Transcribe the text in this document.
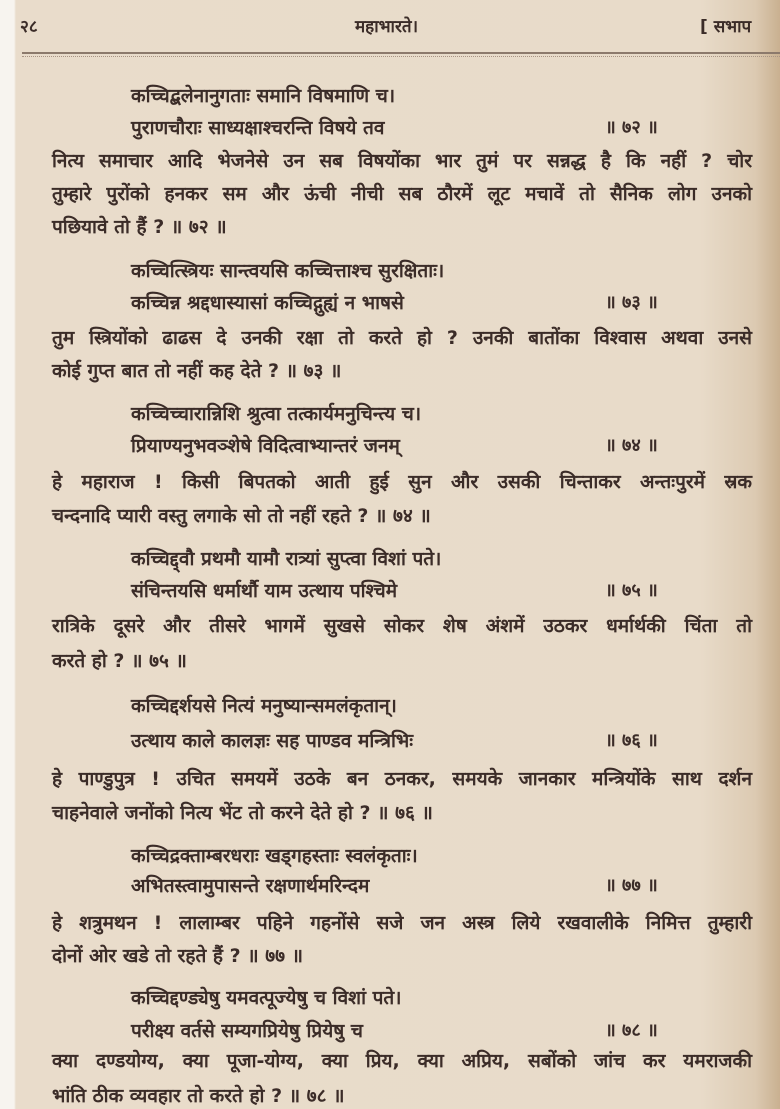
२८	महाभारते।	[ सभाप
कच्चिद्बलेनानुगताः समानि विषमाणि च।
पुराणचौराः साध्यक्षाश्चरन्ति विषये तव	॥ ७२ ॥
नित्य समाचार आदि भेजनेसे उन सब विषयोंका भार तुमं पर सन्नद्ध है कि नहीं ? चोर
तुम्हारे पुरोंको हनकर सम और ऊंची नीची सब ठौरमें लूट मचावें तो सैनिक लोग उनको
पछियावे तो हैं ? ॥ ७२ ॥
कच्चित्स्त्रियः सान्त्वयसि कच्चित्ताश्च सुरक्षिताः।
कच्चिन्न श्रद्दधास्यासां कच्चिद्गुह्यं न भाषसे	॥ ७३ ॥
तुम स्त्रियोंको ढाढस दे उनकी रक्षा तो करते हो ? उनकी बातोंका विश्वास अथवा उनसे
कोई गुप्त बात तो नहीं कह देते ? ॥ ७३ ॥
कच्चिच्चारान्निशि श्रुत्वा तत्कार्यमनुचिन्त्य च।
प्रियाण्यनुभवञ्शेषे विदित्वाभ्यान्तरं जनम्	॥ ७४ ॥
हे महाराज ! किसी बिपतको आती हुई सुन और उसकी चिन्ताकर अन्तःपुरमें स्रक
चन्दनादि प्यारी वस्तु लगाके सो तो नहीं रहते ? ॥ ७४ ॥
कच्चिद्द्वौ प्रथमौ यामौ रात्र्यां सुप्त्वा विशां पते।
संचिन्तयसि धर्मार्थौ याम उत्थाय पश्चिमे	॥ ७५ ॥
रात्रिके दूसरे और तीसरे भागमें सुखसे सोकर शेष अंशमें उठकर धर्मार्थकी चिंता तो
करते हो ? ॥ ७५ ॥
कच्चिद्दर्शयसे नित्यं मनुष्यान्समलंकृतान्।
उत्थाय काले कालज्ञः सह पाण्डव मन्त्रिभिः	॥ ७६ ॥
हे पाण्डुपुत्र ! उचित समयमें उठके बन ठनकर, समयके जानकार मन्त्रियोंके साथ दर्शन
चाहनेवाले जनोंको नित्य भेंट तो करने देते हो ? ॥ ७६ ॥
कच्चिद्रक्ताम्बरधराः खड्गहस्ताः स्वलंकृताः।
अभितस्त्वामुपासन्ते रक्षणार्थमरिन्दम	॥ ७७ ॥
हे शत्रुमथन ! लालाम्बर पहिने गहनोंसे सजे जन अस्त्र लिये रखवालीके निमित्त तुम्हारी
दोनों ओर खडे तो रहते हैं ? ॥ ७७ ॥
कच्चिद्दण्ड्येषु यमवत्पूज्येषु च विशां पते।
परीक्ष्य वर्तसे सम्यगप्रियेषु प्रियेषु च	॥ ७८ ॥
क्या दण्डयोग्य, क्या पूजा-योग्य, क्या प्रिय, क्या अप्रिय, सबोंको जांच कर यमराजकी
भांति ठीक व्यवहार तो करते हो ? ॥ ७८ ॥
